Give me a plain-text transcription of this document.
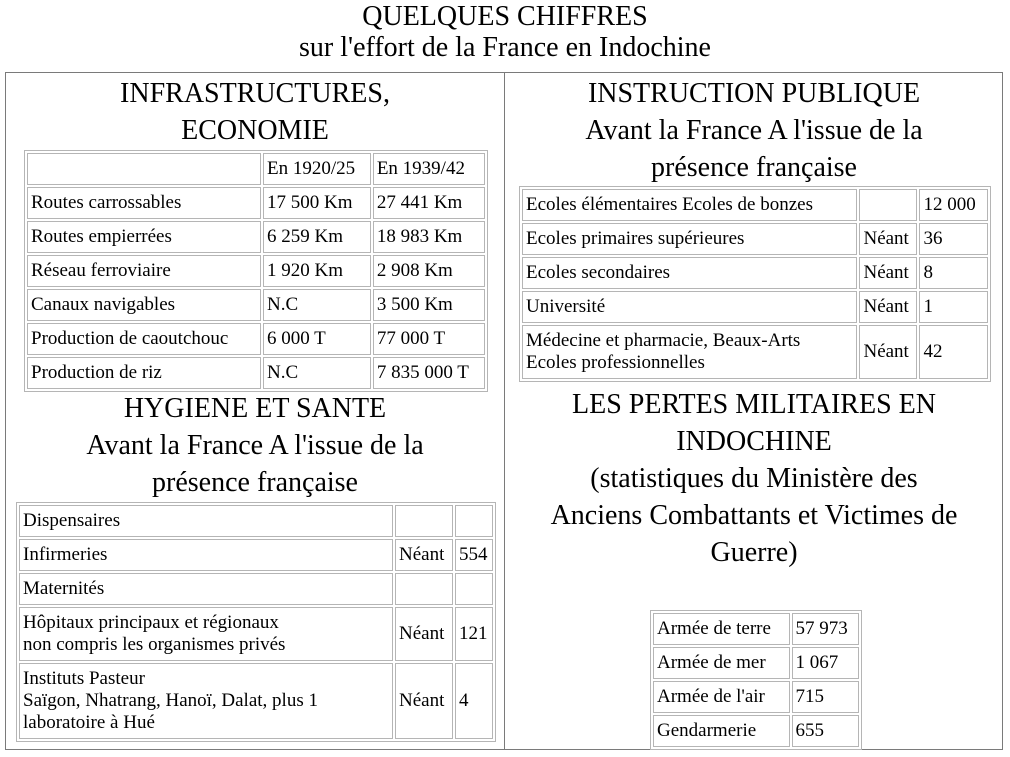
QUELQUES CHIFFRES
sur l'effort de la France en Indochine
INFRASTRUCTURES,
ECONOMIE
	En 1920/25	En 1939/42
Routes carrossables	17 500 Km	27 441 Km
Routes empierrées	6 259 Km	18 983 Km
Réseau ferroviaire	1 920 Km	2 908 Km
Canaux navigables	N.C	3 500 Km
Production de caoutchouc	6 000 T	77 000 T
Production de riz	N.C	7 835 000 T
INSTRUCTION PUBLIQUE
Avant la France A l'issue de la
présence française
Ecoles élémentaires Ecoles de bonzes		12 000
Ecoles primaires supérieures	Néant	36
Ecoles secondaires	Néant	8
Université	Néant	1

Médecine et pharmacie, Beaux-Arts
Ecoles professionnelles	Néant	42
HYGIENE ET SANTE
Avant la France A l'issue de la
présence française
Dispensaires		
Infirmeries	Néant	554
Maternités		

Hôpitaux principaux et régionaux
non compris les organismes privés	Néant	121

Instituts Pasteur
Saïgon, Nhatrang, Hanoï, Dalat, plus 1
laboratoire à Hué	Néant	4
LES PERTES MILITAIRES EN
INDOCHINE
(statistiques du Ministère des
Anciens Combattants et Victimes de
Guerre)
Armée de terre	57 973
Armée de mer	1 067
Armée de l'air	715
Gendarmerie	655
